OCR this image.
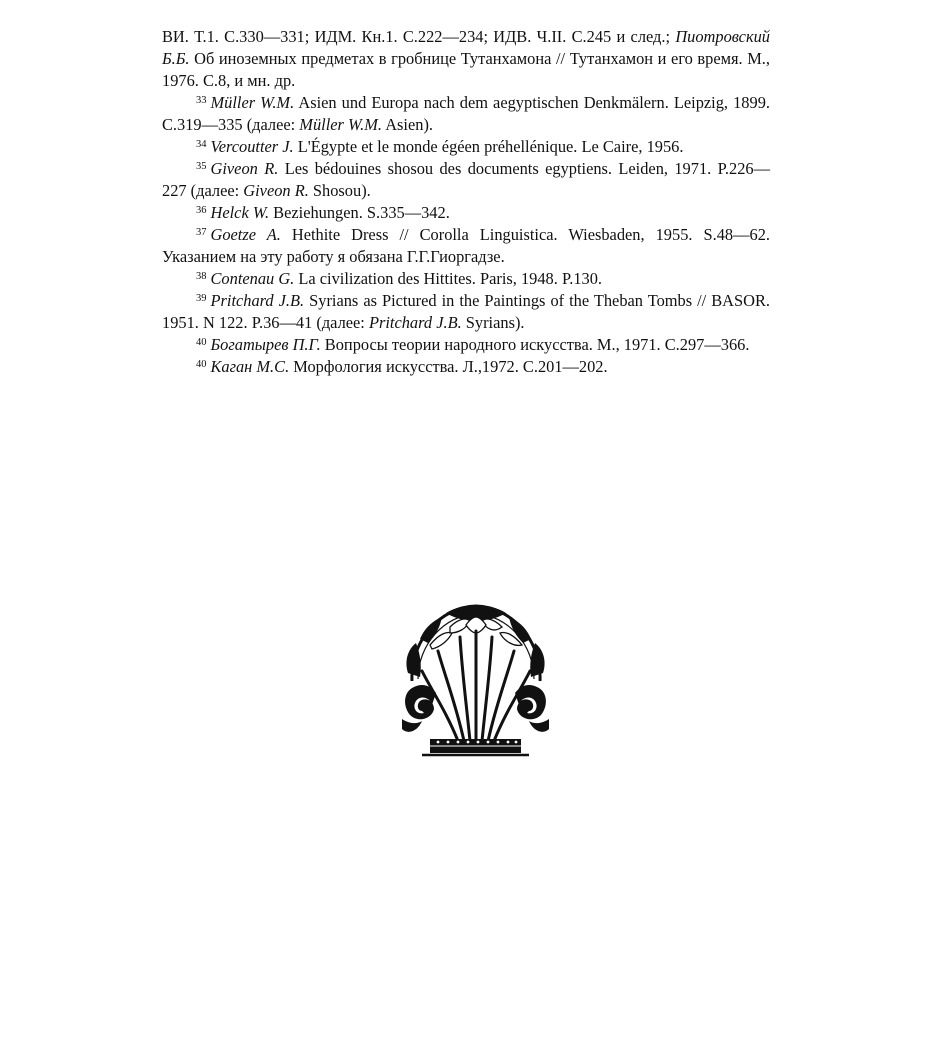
ВИ. Т.1. С.330—331; ИДМ. Кн.1. С.222—234; ИДВ. Ч.II. С.245 и след.; Пиотровский Б.Б. Об иноземных предметах в гробнице Тутанхамона // Тутанхамон и его время. М., 1976. С.8, и мн. др.

$^{33}$ Müller W.M. Asien und Europa nach dem aegyptischen Denkmälern. Leipzig, 1899. C.319—335 (далее: Müller W.M. Asien).

$^{34}$ Vercoutter J. L'Égypte et le monde égéen préhellénique. Le Caire, 1956.

$^{35}$ Giveon R. Les bédouines shosou des documents egyptiens. Leiden, 1971. P.226—227 (далее: Giveon R. Shosou).

$^{36}$ Helck W. Beziehungen. S.335—342.

$^{37}$ Goetze A. Hethite Dress // Corolla Linguistica. Wiesbaden, 1955. S.48—62. Указанием на эту работу я обязана Г.Г.Гиоргадзе.

$^{38}$ Contenau G. La civilization des Hittites. Paris, 1948. P.130.

$^{39}$ Pritchard J.B. Syrians as Pictured in the Paintings of the Theban Tombs // BASOR. 1951. N 122. P.36—41 (далее: Pritchard J.B. Syrians).

$^{40}$ Богатырев П.Г. Вопросы теории народного искусства. М., 1971. С.297—366.

$^{40}$ Каган М.С. Морфология искусства. Л.,1972. С.201—202.
